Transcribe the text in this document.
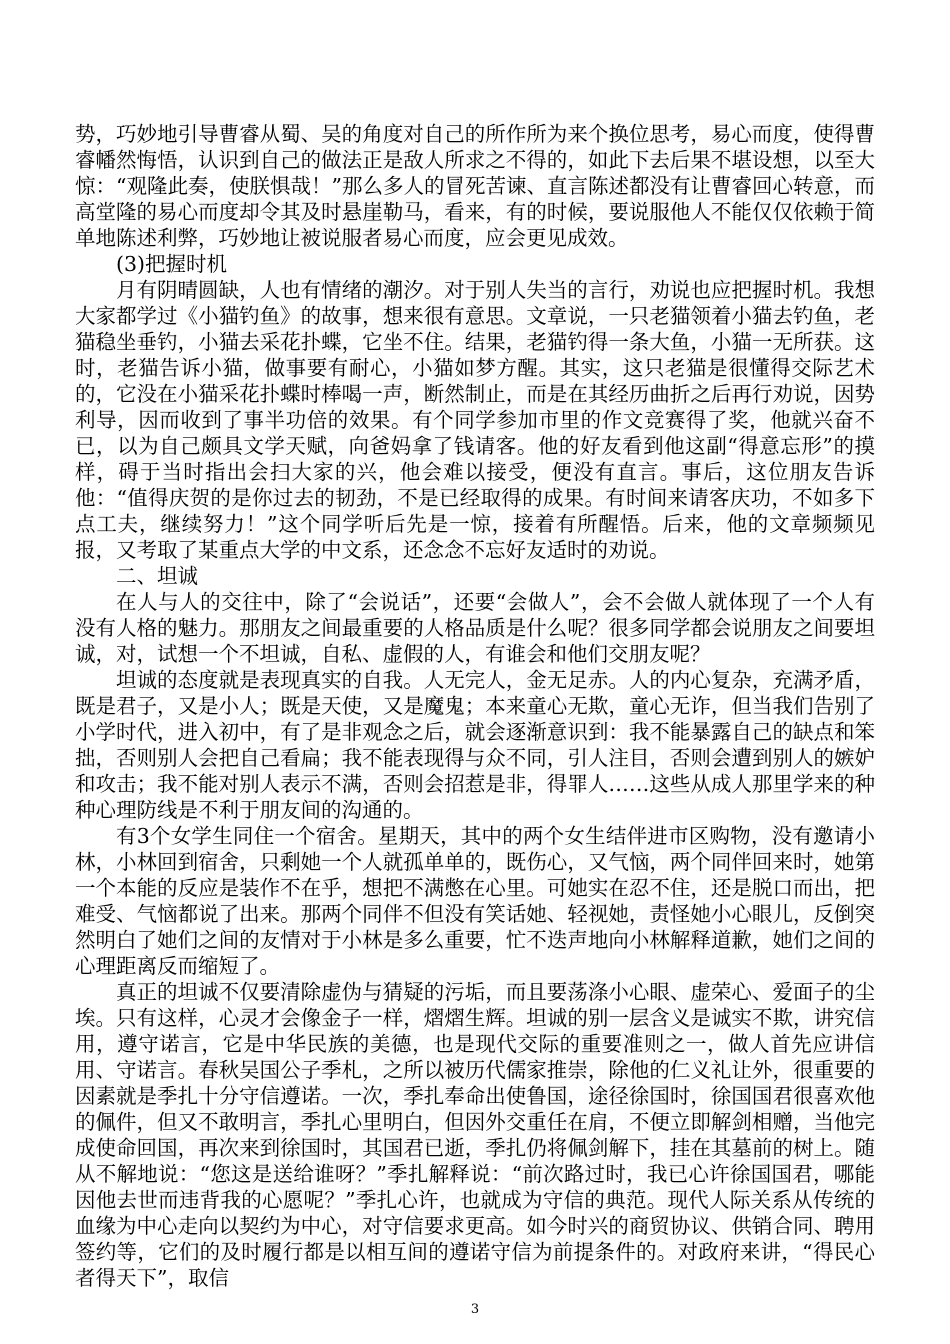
势，巧妙地引导曹睿从蜀、吴的角度对自己的所作所为来个换位思考，易心而度，使得曹睿幡然悔悟，认识到自己的做法正是敌人所求之不得的，如此下去后果不堪设想，以至大惊：“观隆此奏，使朕惧哉！”那么多人的冒死苦谏、直言陈述都没有让曹睿回心转意，而高堂隆的易心而度却令其及时悬崖勒马，看来，有的时候，要说服他人不能仅仅依赖于简单地陈述利弊，巧妙地让被说服者易心而度，应会更见成效。

(3)把握时机

月有阴晴圆缺，人也有情绪的潮汐。对于别人失当的言行，劝说也应把握时机。我想大家都学过《小猫钓鱼》的故事，想来很有意思。文章说，一只老猫领着小猫去钓鱼，老猫稳坐垂钓，小猫去采花扑蝶，它坐不住。结果，老猫钓得一条大鱼，小猫一无所获。这时，老猫告诉小猫，做事要有耐心，小猫如梦方醒。其实，这只老猫是很懂得交际艺术的，它没在小猫采花扑蝶时棒喝一声，断然制止，而是在其经历曲折之后再行劝说，因势利导，因而收到了事半功倍的效果。有个同学参加市里的作文竞赛得了奖，他就兴奋不已，以为自己颇具文学天赋，向爸妈拿了钱请客。他的好友看到他这副“得意忘形”的摸样，碍于当时指出会扫大家的兴，他会难以接受，便没有直言。事后，这位朋友告诉他：“值得庆贺的是你过去的韧劲，不是已经取得的成果。有时间来请客庆功，不如多下点工夫，继续努力！”这个同学听后先是一惊，接着有所醒悟。后来，他的文章频频见报，又考取了某重点大学的中文系，还念念不忘好友适时的劝说。

二、坦诚

在人与人的交往中，除了“会说话”，还要“会做人”，会不会做人就体现了一个人有没有人格的魅力。那朋友之间最重要的人格品质是什么呢？很多同学都会说朋友之间要坦诚，对，试想一个不坦诚，自私、虚假的人，有谁会和他们交朋友呢？

坦诚的态度就是表现真实的自我。人无完人，金无足赤。人的内心复杂，充满矛盾，既是君子，又是小人；既是天使，又是魔鬼；本来童心无欺，童心无诈，但当我们告别了小学时代，进入初中，有了是非观念之后，就会逐渐意识到：我不能暴露自己的缺点和笨拙，否则别人会把自己看扁；我不能表现得与众不同，引人注目，否则会遭到别人的嫉妒和攻击；我不能对别人表示不满，否则会招惹是非，得罪人……这些从成人那里学来的种种心理防线是不利于朋友间的沟通的。

有3个女学生同住一个宿舍。星期天，其中的两个女生结伴进市区购物，没有邀请小林，小林回到宿舍，只剩她一个人就孤单单的，既伤心，又气恼，两个同伴回来时，她第一个本能的反应是装作不在乎，想把不满憋在心里。可她实在忍不住，还是脱口而出，把难受、气恼都说了出来。那两个同伴不但没有笑话她、轻视她，责怪她小心眼儿，反倒突然明白了她们之间的友情对于小林是多么重要，忙不迭声地向小林解释道歉，她们之间的心理距离反而缩短了。

真正的坦诚不仅要清除虚伪与猜疑的污垢，而且要荡涤小心眼、虚荣心、爱面子的尘埃。只有这样，心灵才会像金子一样，熠熠生辉。坦诚的别一层含义是诚实不欺，讲究信用，遵守诺言，它是中华民族的美德，也是现代交际的重要准则之一，做人首先应讲信用、守诺言。春秋吴国公子季札，之所以被历代儒家推崇，除他的仁义礼让外，很重要的因素就是季扎十分守信遵诺。一次，季扎奉命出使鲁国，途径徐国时，徐国国君很喜欢他的佩件，但又不敢明言，季扎心里明白，但因外交重任在肩，不便立即解剑相赠，当他完成使命回国，再次来到徐国时，其国君已逝，季扎仍将佩剑解下，挂在其墓前的树上。随从不解地说：“您这是送给谁呀？”季扎解释说：“前次路过时，我已心许徐国国君，哪能因他去世而违背我的心愿呢？”季扎心许，也就成为守信的典范。现代人际关系从传统的血缘为中心走向以契约为中心，对守信要求更高。如今时兴的商贸协议、供销合同、聘用签约等，它们的及时履行都是以相互间的遵诺守信为前提条件的。对政府来讲，“得民心者得天下”，取信

3
